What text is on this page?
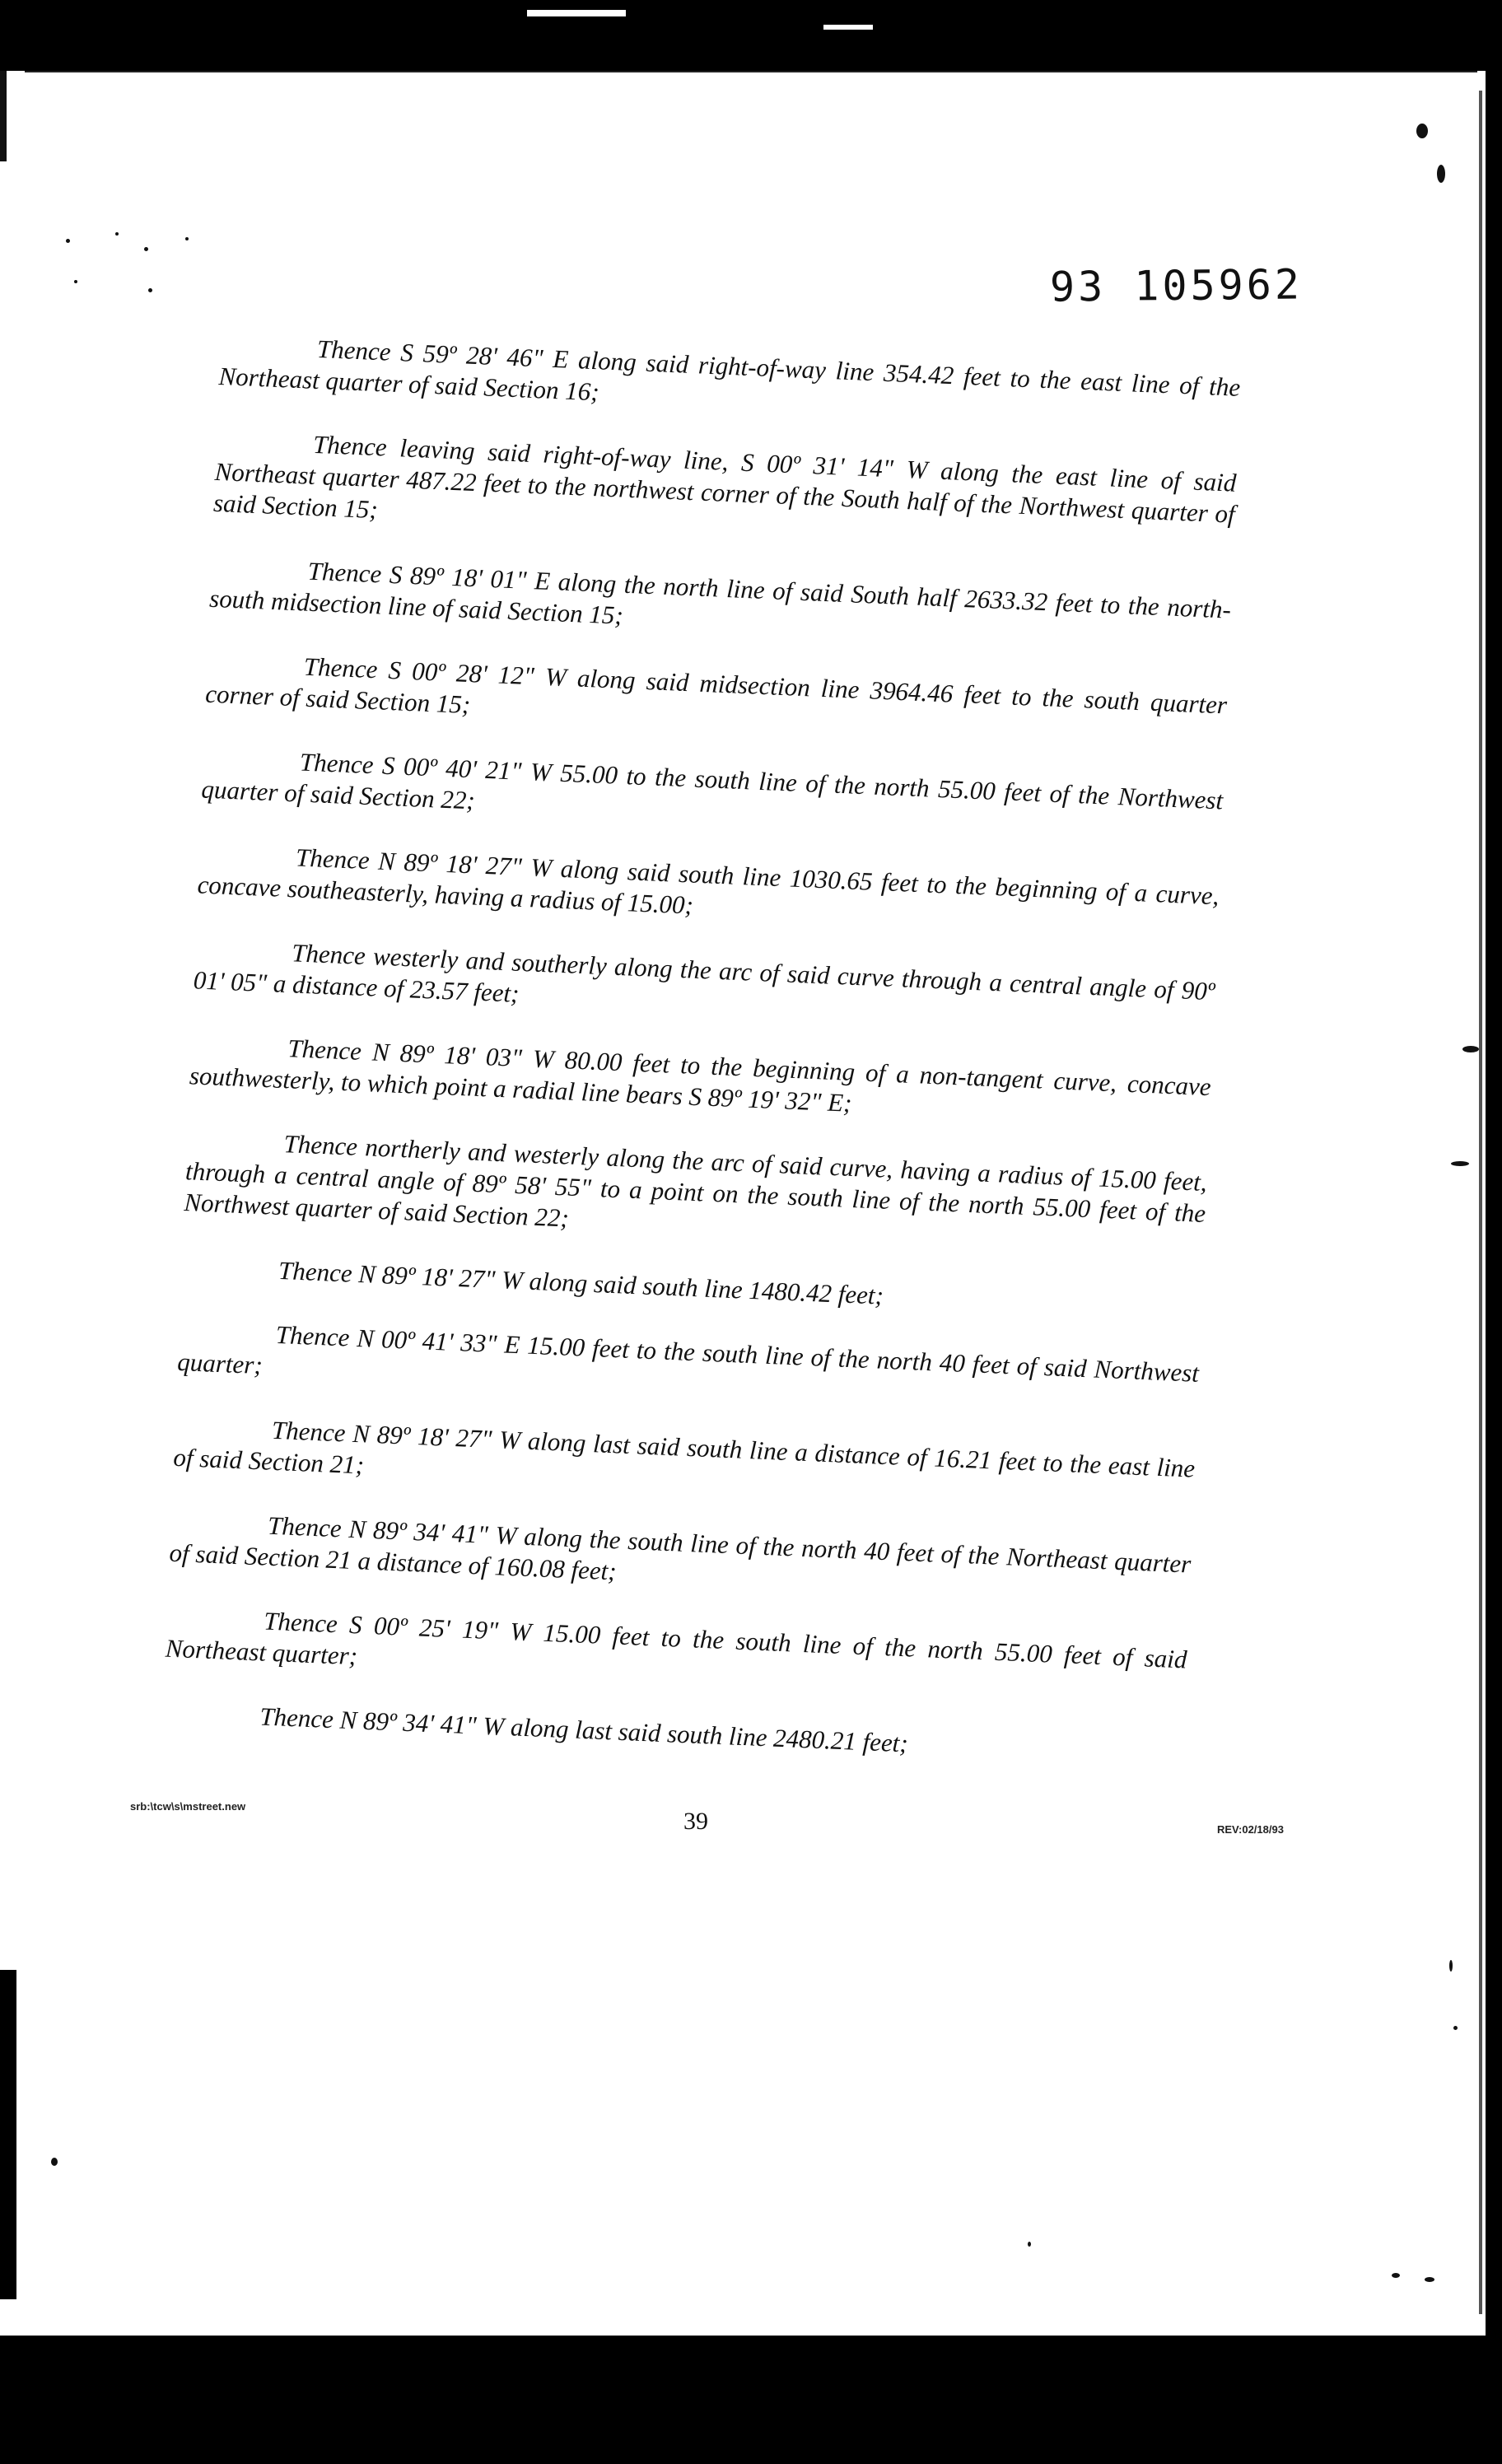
93 105962

Thence S 59º 28' 46" E along said right-of-way line 354.42 feet to the east line of the Northeast quarter of said Section 16;

Thence leaving said right-of-way line, S 00º 31' 14" W along the east line of said Northeast quarter 487.22 feet to the northwest corner of the South half of the Northwest quarter of said Section 15;

Thence S 89º 18' 01" E along the north line of said South half 2633.32 feet to the north-south midsection line of said Section 15;

Thence S 00º 28' 12" W along said midsection line 3964.46 feet to the south quarter corner of said Section 15;

Thence S 00º 40' 21" W 55.00 to the south line of the north 55.00 feet of the Northwest quarter of said Section 22;

Thence N 89º 18' 27" W along said south line 1030.65 feet to the beginning of a curve, concave southeasterly, having a radius of 15.00;

Thence westerly and southerly along the arc of said curve through a central angle of 90º 01' 05" a distance of 23.57 feet;

Thence N 89º 18' 03" W 80.00 feet to the beginning of a non-tangent curve, concave southwesterly, to which point a radial line bears S 89º 19' 32" E;

Thence northerly and westerly along the arc of said curve, having a radius of 15.00 feet, through a central angle of 89º 58' 55" to a point on the south line of the north 55.00 feet of the Northwest quarter of said Section 22;

Thence N 89º 18' 27" W along said south line 1480.42 feet;

Thence N 00º 41' 33" E 15.00 feet to the south line of the north 40 feet of said Northwest quarter;

Thence N 89º 18' 27" W along last said south line a distance of 16.21 feet to the east line of said Section 21;

Thence N 89º 34' 41" W along the south line of the north 40 feet of the Northeast quarter of said Section 21 a distance of 160.08 feet;

Thence S 00º 25' 19" W 15.00 feet to the south line of the north 55.00 feet of said Northeast quarter;

Thence N 89º 34' 41" W along last said south line 2480.21 feet;

srb:\tcw\s\mstreet.new
39	REV:02/18/93
